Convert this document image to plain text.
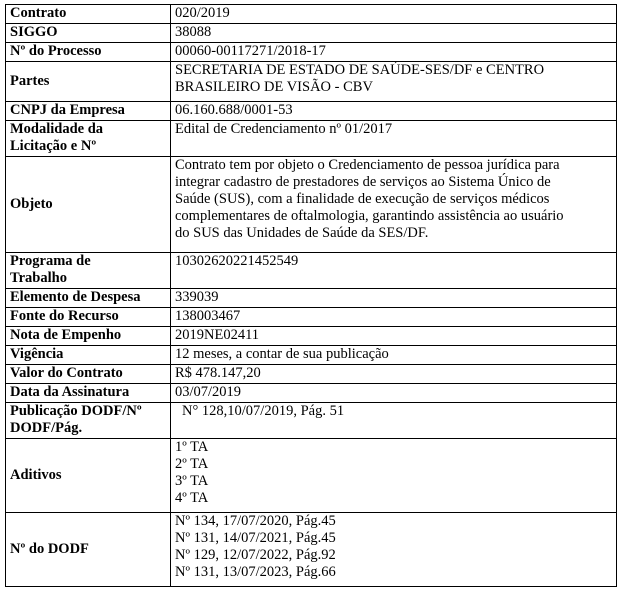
Contrato	020/2019
SIGGO	38088
Nº do Processo	00060-00117271/2018-17
Partes	SECRETARIA DE ESTADO DE SAÚDE-SES/DF e CENTRO
BRASILEIRO DE VISÃO - CBV

CNPJ da Empresa	06.160.688/0001-53

Modalidade da
Licitação e Nº	Edital de Credenciamento nº 01/2017
Objeto	Contrato tem por objeto o Credenciamento de pessoa jurídica para
integrar cadastro de prestadores de serviços ao Sistema Único de
Saúde (SUS), com a finalidade de execução de serviços médicos
complementares de oftalmologia, garantindo assistência ao usuário
do SUS das Unidades de Saúde da SES/DF.

Programa de
Trabalho	10302620221452549
Elemento de Despesa	339039
Fonte do Recurso	138003467
Nota de Empenho	2019NE02411
Vigência	12 meses, a contar de sua publicação
Valor do Contrato	R$ 478.147,20
Data da Assinatura	03/07/2019

Publicação DODF/Nº
DODF/Pág.	N° 128,10/07/2019, Pág. 51
Aditivos	1º TA
2º TA
3º TA
4º TA

Nº do DODF	Nº 134, 17/07/2020, Pág.45
Nº 131, 14/07/2021, Pág.45
Nº 129, 12/07/2022, Pág.92
Nº 131, 13/07/2023, Pág.66
